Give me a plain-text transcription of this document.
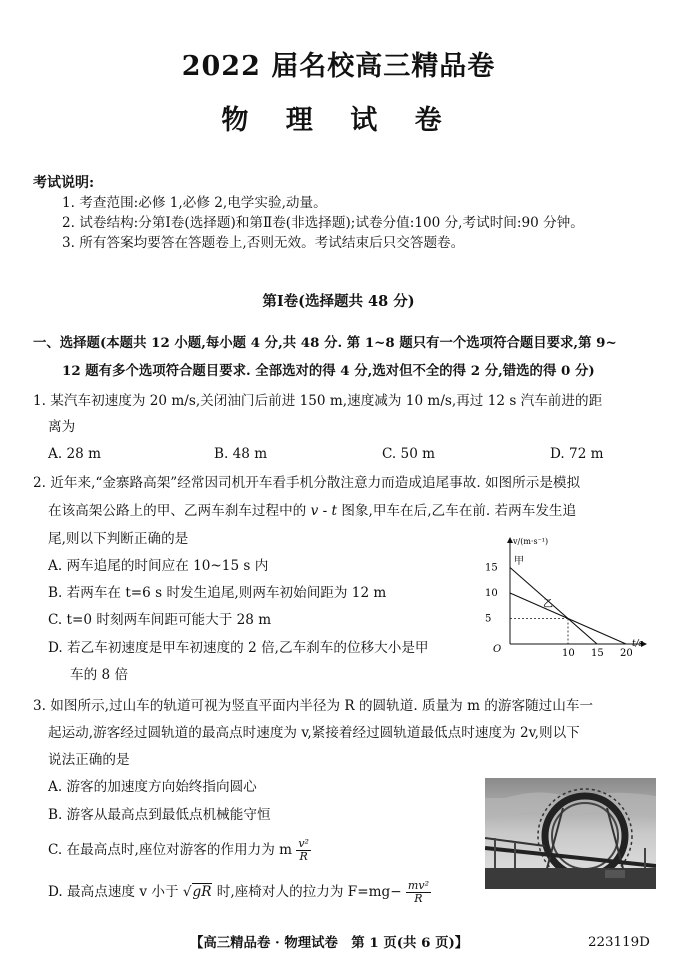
2022 届名校高三精品卷
物 理 试 卷
考试说明:
1. 考查范围:必修 1,必修 2,电学实验,动量。
2. 试卷结构:分第Ⅰ卷(选择题)和第Ⅱ卷(非选择题);试卷分值:100 分,考试时间:90 分钟。
3. 所有答案均要答在答题卷上,否则无效。考试结束后只交答题卷。
第Ⅰ卷(选择题共 48 分)
一、选择题(本题共 12 小题,每小题 4 分,共 48 分. 第 1~8 题只有一个选项符合题目要求,第 9~
12 题有多个选项符合题目要求. 全部选对的得 4 分,选对但不全的得 2 分,错选的得 0 分)
1. 某汽车初速度为 20 m/s,关闭油门后前进 150 m,速度减为 10 m/s,再过 12 s 汽车前进的距
离为
A. 28 m	B. 48 m	C. 50 m	D. 72 m
2. 近年来,“金寨路高架”经常因司机开车看手机分散注意力而造成追尾事故. 如图所示是模拟
在该高架公路上的甲、乙两车刹车过程中的 v - t 图象,甲车在后,乙车在前. 若两车发生追
尾,则以下判断正确的是
A. 两车追尾的时间应在 10~15 s 内
B. 若两车在 t=6 s 时发生追尾,则两车初始间距为 12 m
C. t=0 时刻两车间距可能大于 28 m
D. 若乙车初速度是甲车初速度的 2 倍,乙车刹车的位移大小是甲
车的 8 倍
v/(m·s⁻¹)
t/s
O
15
10
5
10 15 20
甲
乙
3. 如图所示,过山车的轨道可视为竖直平面内半径为 R 的圆轨道. 质量为 m 的游客随过山车一
起运动,游客经过圆轨道的最高点时速度为 v,紧接着经过圆轨道最低点时速度为 2v,则以下
说法正确的是
A. 游客的加速度方向始终指向圆心
B. 游客从最高点到最低点机械能守恒
C. 在最高点时,座位对游客的作用力为 m $\frac{\text{v²}}{R}$
D. 最高点速度 v 小于 √gR 时,座椅对人的拉力为 $F=mg- \frac{\text{mv²}}{R}$
【高三精品卷 · 物理试卷　第 1 页(共 6 页)】	223119D
